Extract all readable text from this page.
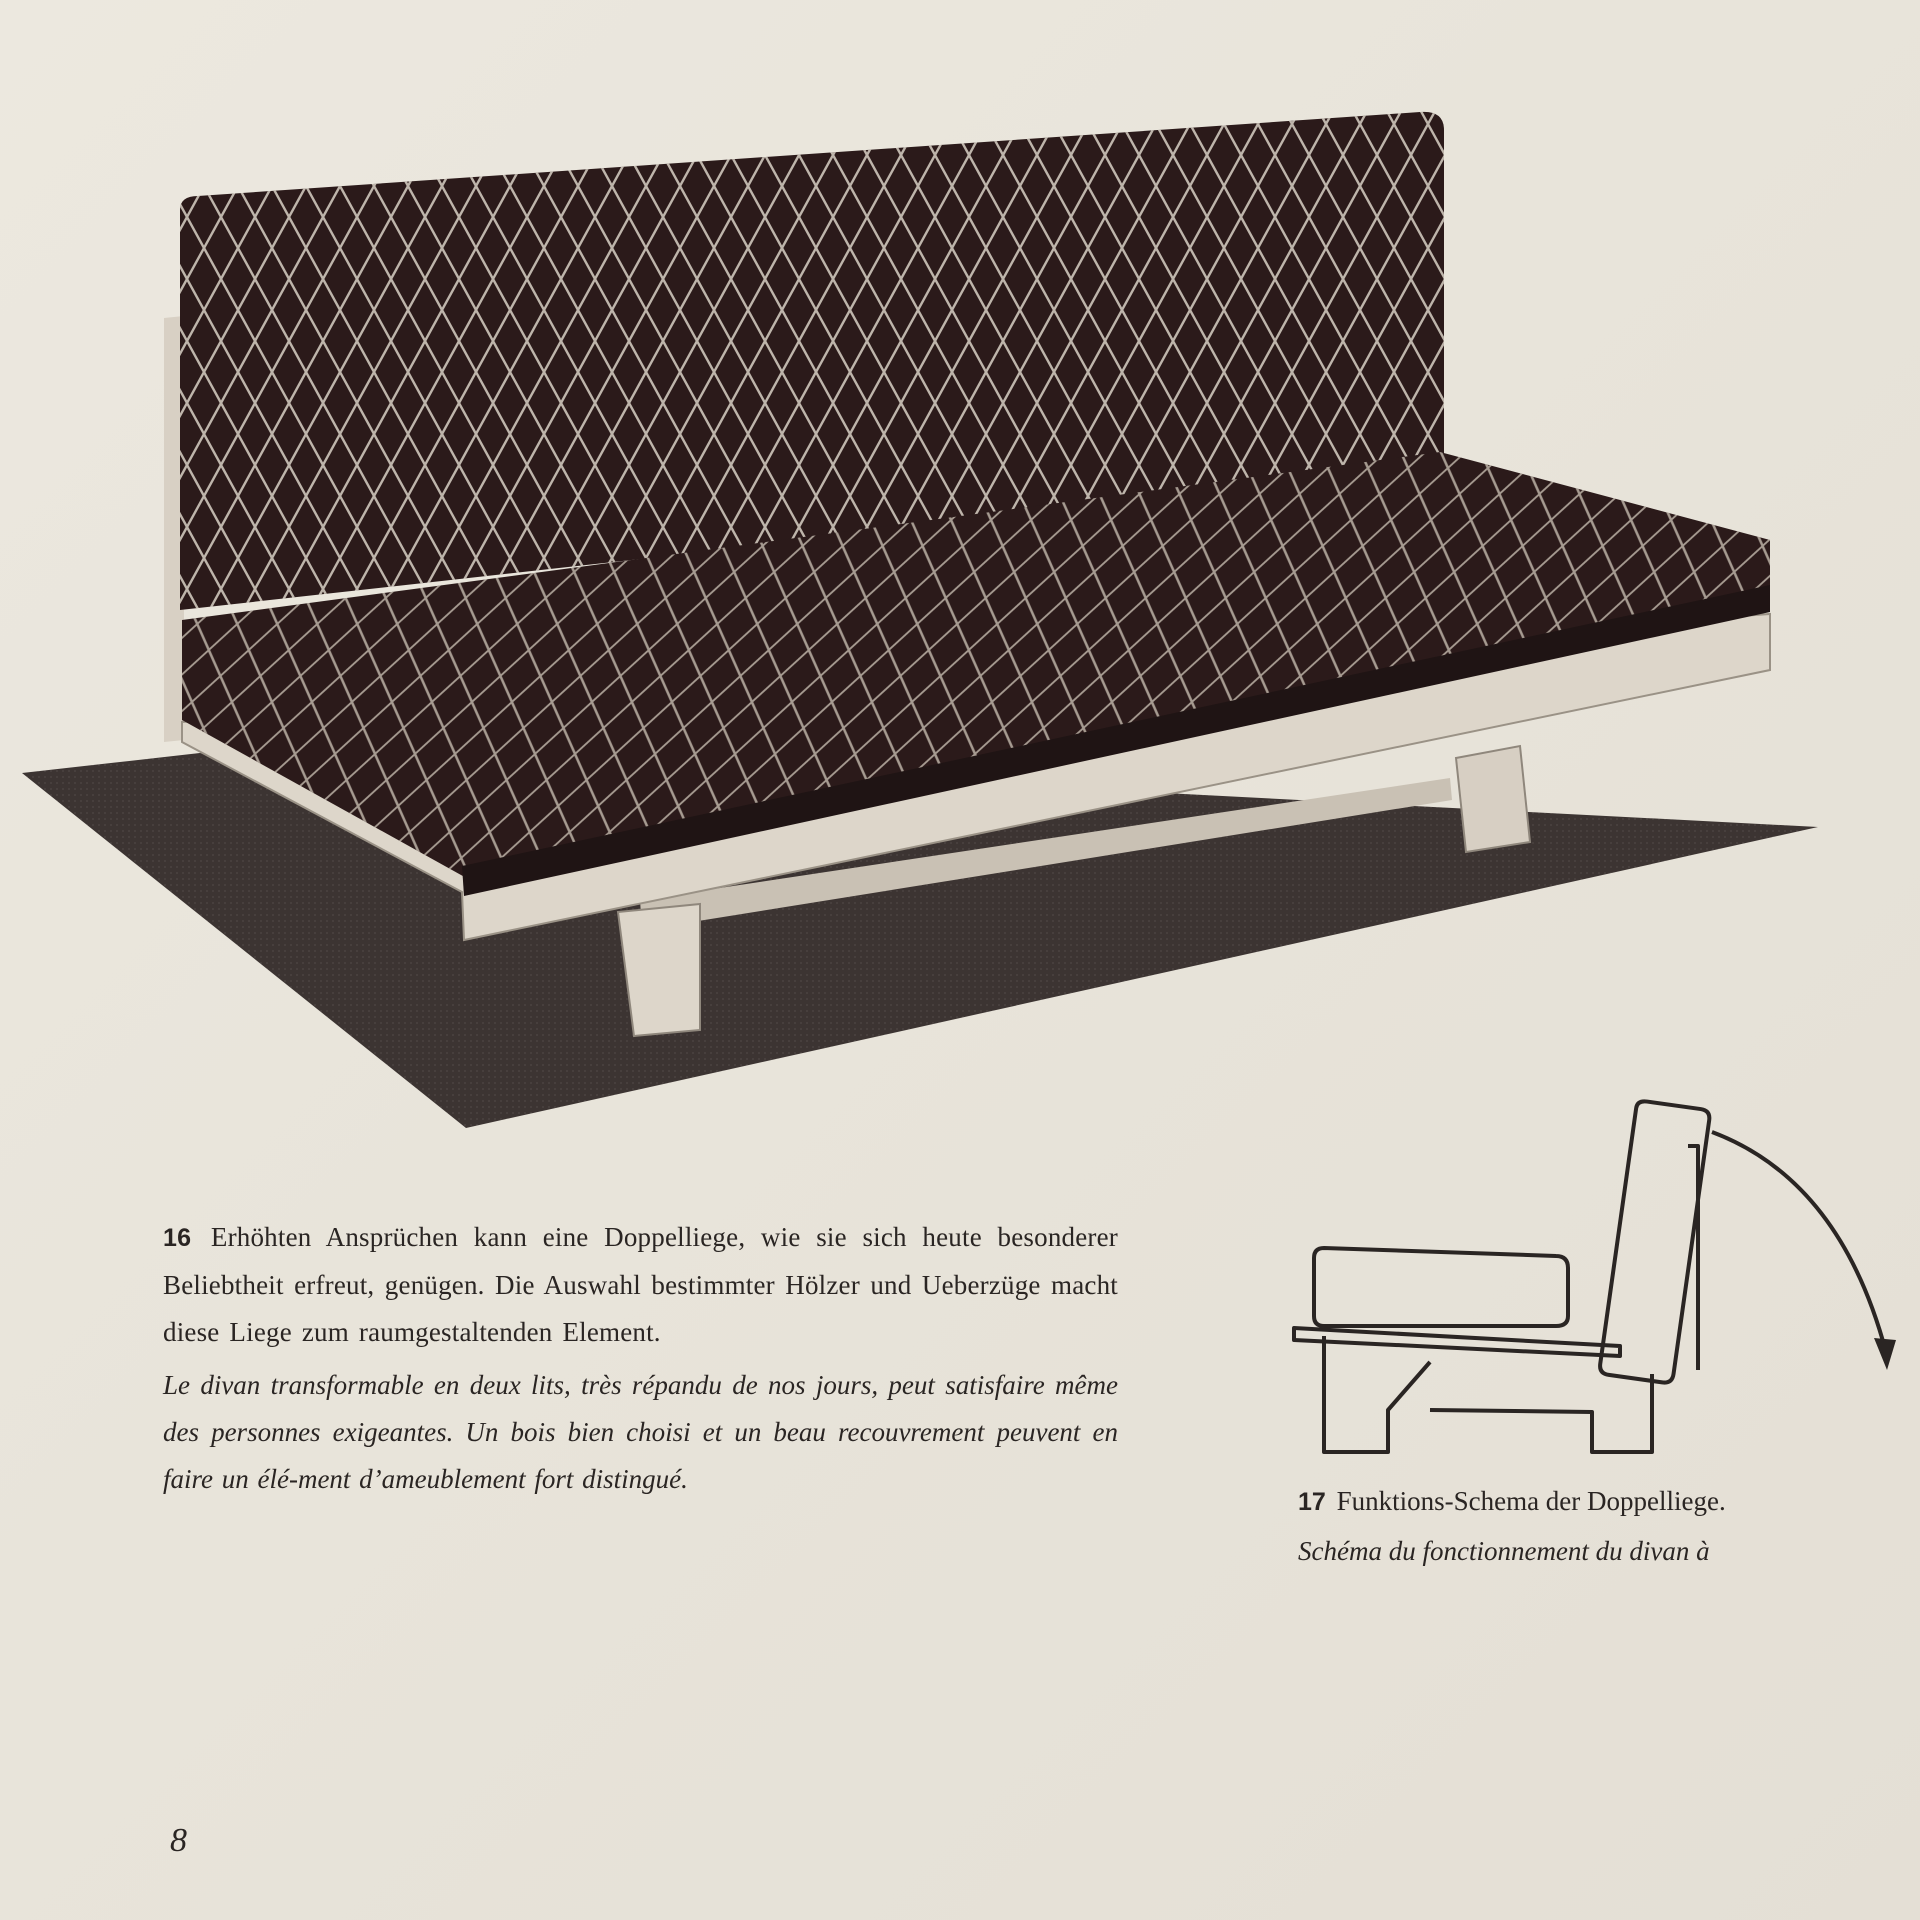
16 Erhöhten Ansprüchen kann eine Doppelliege, wie sie sich heute besonderer Beliebtheit erfreut, genügen. Die Auswahl bestimmter Hölzer und Ueberzüge macht diese Liege zum raumgestaltenden Element.

Le divan transformable en deux lits, très répandu de nos jours, peut satisfaire même des personnes exigeantes. Un bois bien choisi et un beau recouvrement peuvent en faire un élé-ment d’ameublement fort distingué.

17 Funktions-Schema der Doppelliege.

Schéma du fonctionnement du divan à

8
